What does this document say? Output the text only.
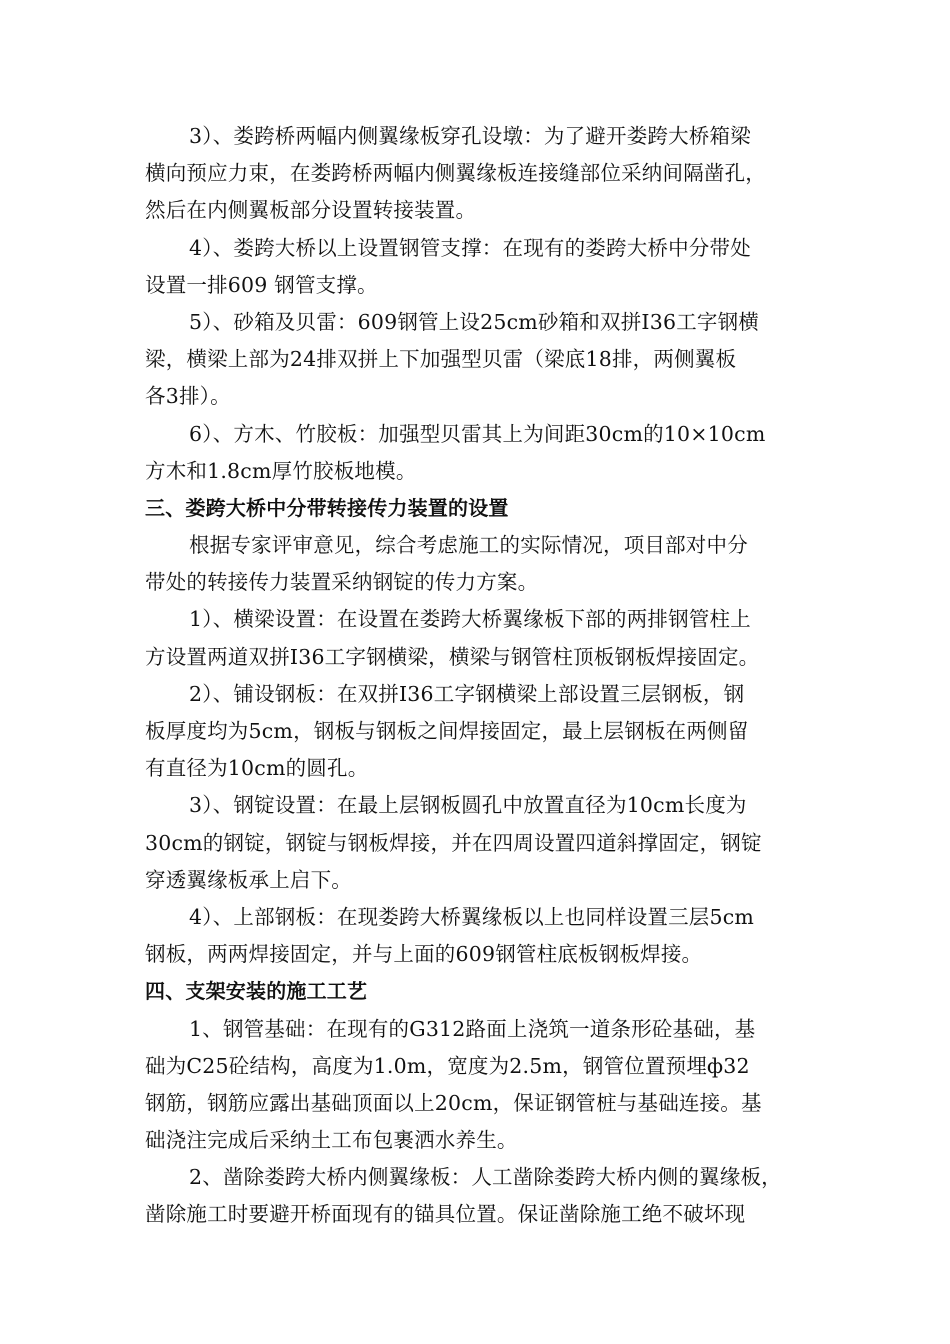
3）、娄跨桥两幅内侧翼缘板穿孔设墩：为了避开娄跨大桥箱梁
横向预应力束，在娄跨桥两幅内侧翼缘板连接缝部位采纳间隔凿孔，
然后在内侧翼板部分设置转接装置。
4）、娄跨大桥以上设置钢管支撑：在现有的娄跨大桥中分带处
设置一排609 钢管支撑。
5）、砂箱及贝雷：609钢管上设25cm砂箱和双拼I36工字钢横
梁，横梁上部为24排双拼上下加强型贝雷（梁底18排，两侧翼板
各3排）。
6）、方木、竹胶板：加强型贝雷其上为间距30cm的10×10cm
方木和1.8cm厚竹胶板地模。
三、娄跨大桥中分带转接传力装置的设置
根据专家评审意见，综合考虑施工的实际情况，项目部对中分
带处的转接传力装置采纳钢锭的传力方案。
1）、横梁设置：在设置在娄跨大桥翼缘板下部的两排钢管柱上
方设置两道双拼I36工字钢横梁，横梁与钢管柱顶板钢板焊接固定。
2）、铺设钢板：在双拼I36工字钢横梁上部设置三层钢板，钢
板厚度均为5cm，钢板与钢板之间焊接固定，最上层钢板在两侧留
有直径为10cm的圆孔。
3）、钢锭设置：在最上层钢板圆孔中放置直径为10cm长度为
30cm的钢锭，钢锭与钢板焊接，并在四周设置四道斜撑固定，钢锭
穿透翼缘板承上启下。
4）、上部钢板：在现娄跨大桥翼缘板以上也同样设置三层5cm
钢板，两两焊接固定，并与上面的609钢管柱底板钢板焊接。
四、支架安装的施工工艺
1、钢管基础：在现有的G312路面上浇筑一道条形砼基础，基
础为C25砼结构，高度为1.0m，宽度为2.5m，钢管位置预埋ф32
钢筋，钢筋应露出基础顶面以上20cm，保证钢管桩与基础连接。基
础浇注完成后采纳土工布包裹洒水养生。
2、凿除娄跨大桥内侧翼缘板：人工凿除娄跨大桥内侧的翼缘板，
凿除施工时要避开桥面现有的锚具位置。保证凿除施工绝不破坏现
